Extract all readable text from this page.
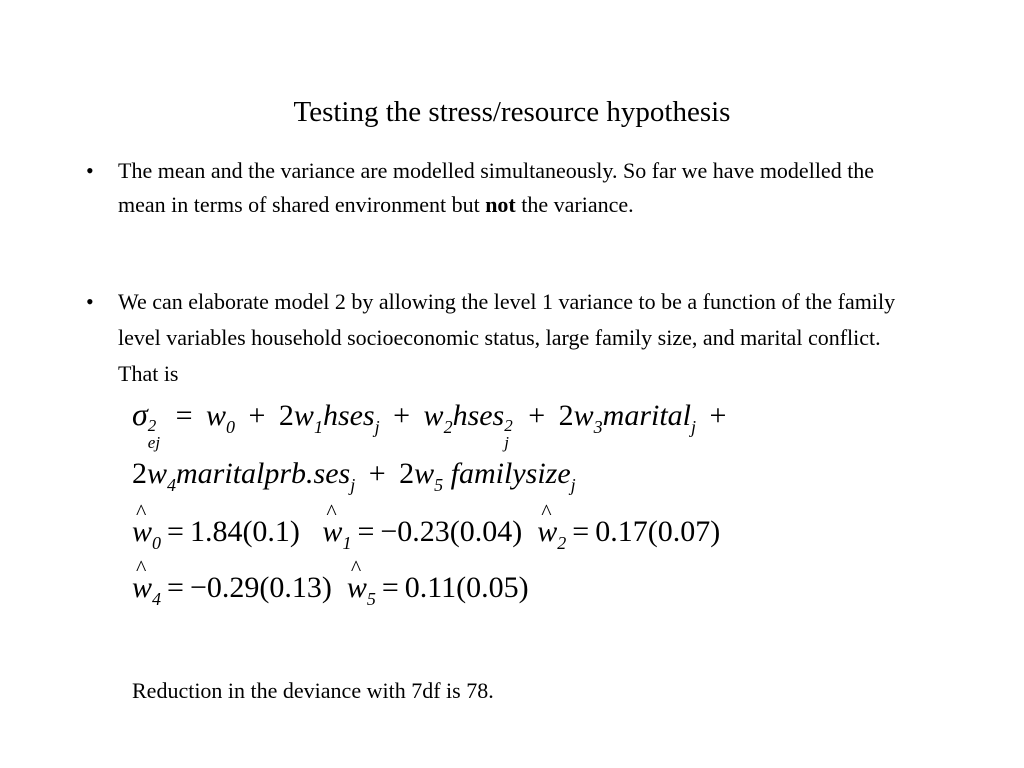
Testing the stress/resource hypothesis
•	The mean and the variance are modelled simultaneously. So far we have modelled the mean in terms of shared environment but not the variance.
•	We can elaborate model 2 by allowing the level 1 variance to be a function of the family level variables household socioeconomic status, large family size, and marital conflict. That is
σ 2
ej
= $w_0$ + $2w_1hses_j$ + $w_2hses$ 2
j
+ $2w_3marital_j$ +
$2w_4maritalprb.ses_j + 2w_5$ familysize$_j$
^ $w_0 = 1.84(0.1)$ ^ $w_1 = -0.23(0.04)$ ^ $w_2 = 0.17(0.07)$
^ $w_4 = -0.29(0.13)$ ^ $w_5 = 0.11(0.05)$
Reduction in the deviance with 7df is 78.
